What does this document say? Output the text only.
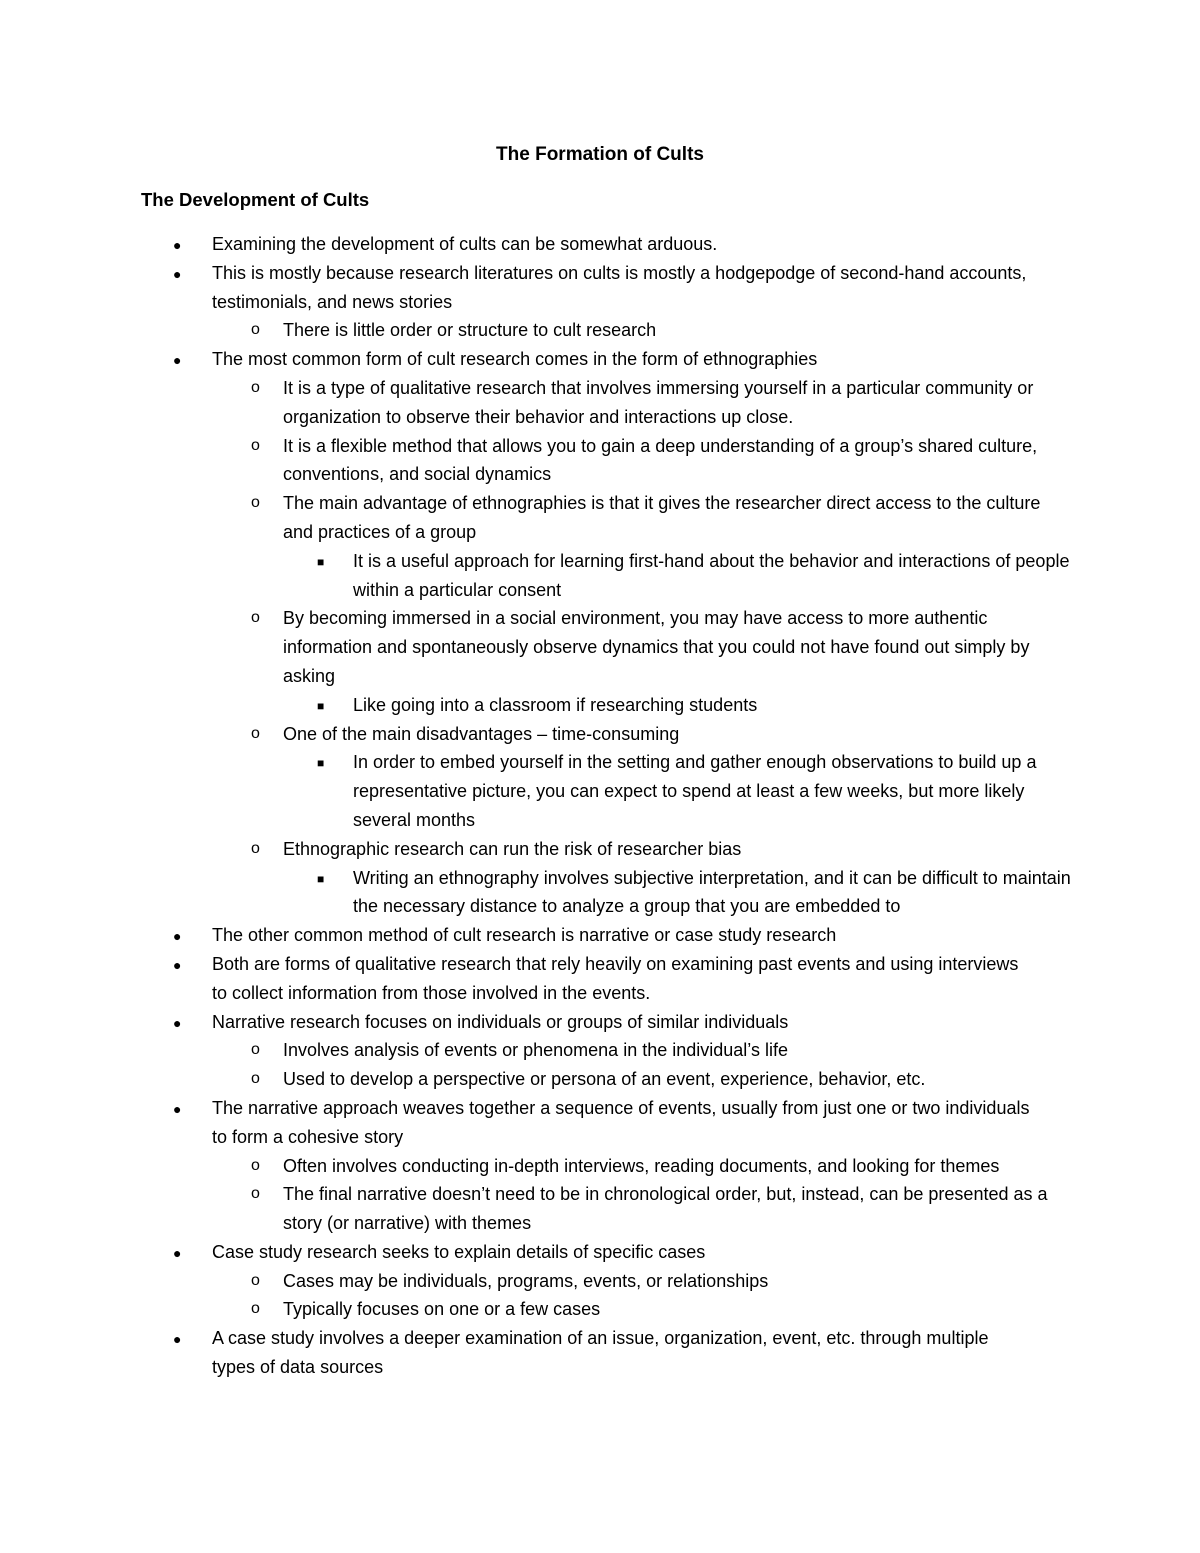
The Formation of Cults
The Development of Cults
● Examining the development of cults can be somewhat arduous.
● This is mostly because research literatures on cults is mostly a hodgepodge of second-hand accounts, testimonials, and news stories
o There is little order or structure to cult research
● The most common form of cult research comes in the form of ethnographies
o It is a type of qualitative research that involves immersing yourself in a particular community or organization to observe their behavior and interactions up close.
o It is a flexible method that allows you to gain a deep understanding of a group’s shared culture, conventions, and social dynamics
o The main advantage of ethnographies is that it gives the researcher direct access to the culture and practices of a group
■ It is a useful approach for learning first-hand about the behavior and interactions of people within a particular consent
o By becoming immersed in a social environment, you may have access to more authentic information and spontaneously observe dynamics that you could not have found out simply by asking
■ Like going into a classroom if researching students
o One of the main disadvantages – time-consuming
■ In order to embed yourself in the setting and gather enough observations to build up a representative picture, you can expect to spend at least a few weeks, but more likely several months
o Ethnographic research can run the risk of researcher bias
■ Writing an ethnography involves subjective interpretation, and it can be difficult to maintain the necessary distance to analyze a group that you are embedded to
● The other common method of cult research is narrative or case study research
● Both are forms of qualitative research that rely heavily on examining past events and using interviews to collect information from those involved in the events.
● Narrative research focuses on individuals or groups of similar individuals
o Involves analysis of events or phenomena in the individual’s life
o Used to develop a perspective or persona of an event, experience, behavior, etc.
● The narrative approach weaves together a sequence of events, usually from just one or two individuals to form a cohesive story
o Often involves conducting in-depth interviews, reading documents, and looking for themes
o The final narrative doesn’t need to be in chronological order, but, instead, can be presented as a story (or narrative) with themes
● Case study research seeks to explain details of specific cases
o Cases may be individuals, programs, events, or relationships
o Typically focuses on one or a few cases
● A case study involves a deeper examination of an issue, organization, event, etc. through multiple types of data sources
